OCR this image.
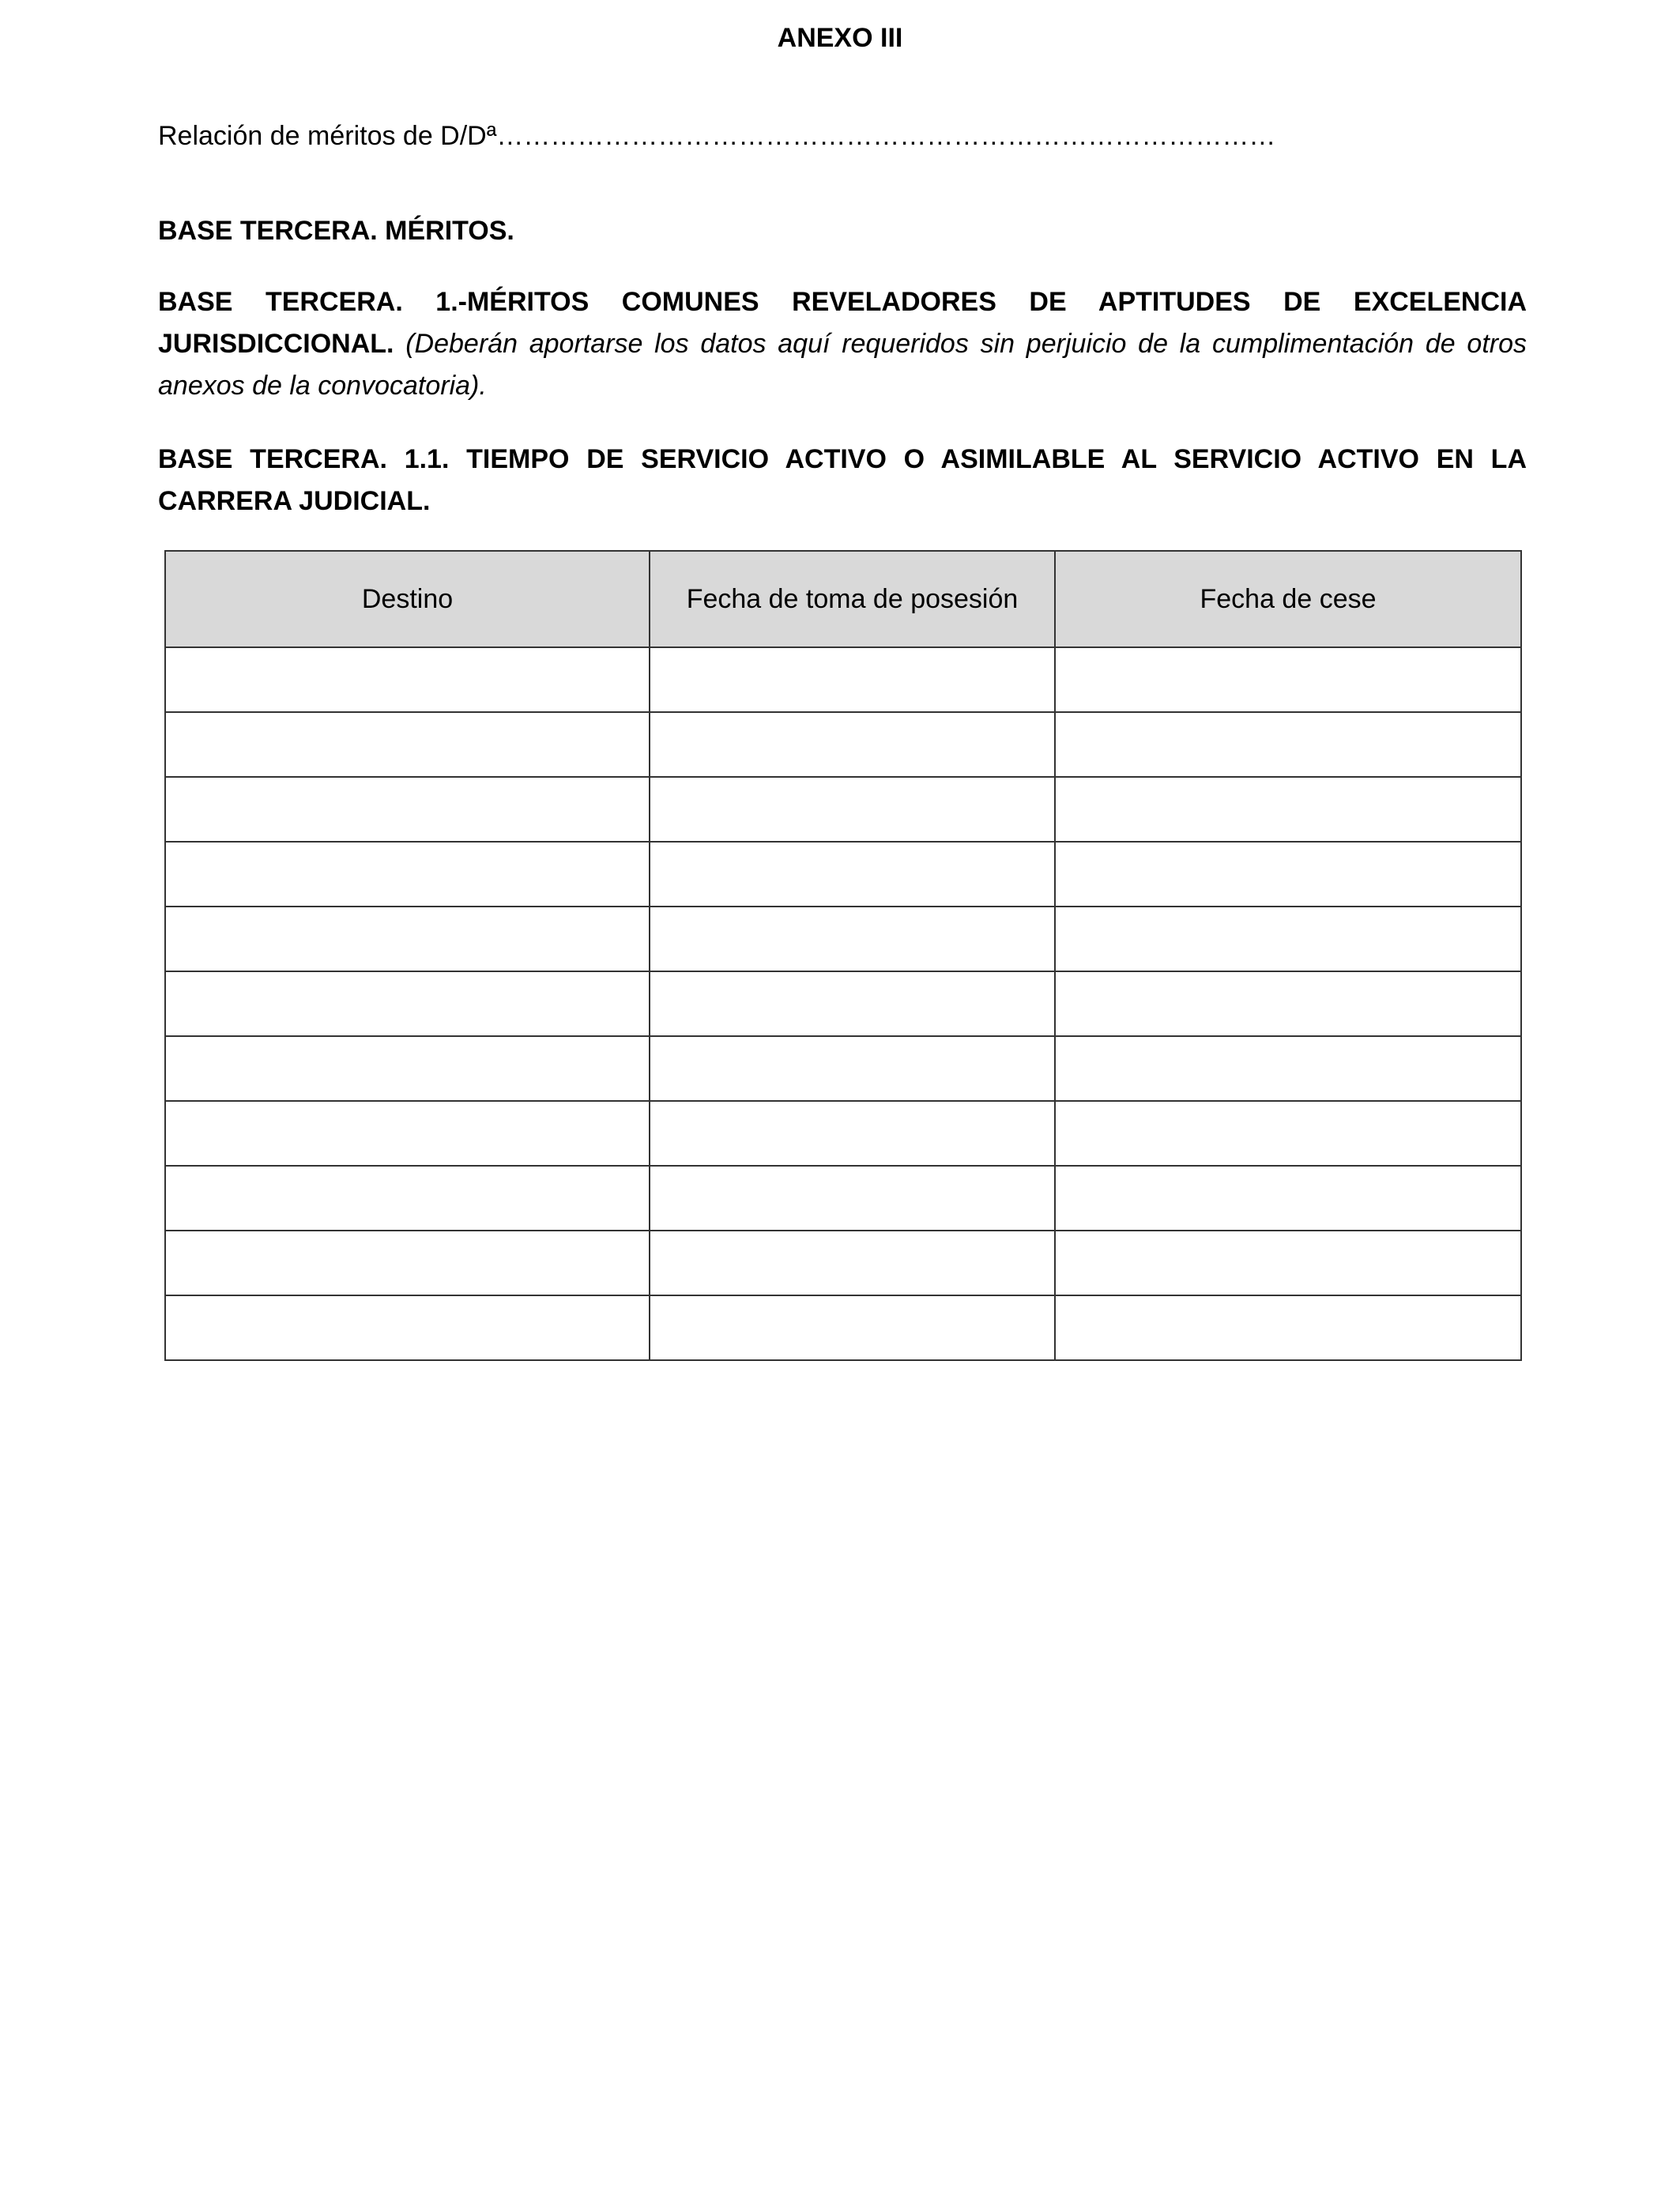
ANEXO III
Relación de méritos de D/Dª……………………………………………………………………………
BASE TERCERA. MÉRITOS.
BASE TERCERA. 1.-MÉRITOS COMUNES REVELADORES DE APTITUDES DE EXCELENCIA JURISDICCIONAL. (Deberán aportarse los datos aquí requeridos sin perjuicio de la cumplimentación de otros anexos de la convocatoria).
BASE TERCERA. 1.1. TIEMPO DE SERVICIO ACTIVO O ASIMILABLE AL SERVICIO ACTIVO EN LA CARRERA JUDICIAL.
Destino	Fecha de toma de posesión	Fecha de cese
